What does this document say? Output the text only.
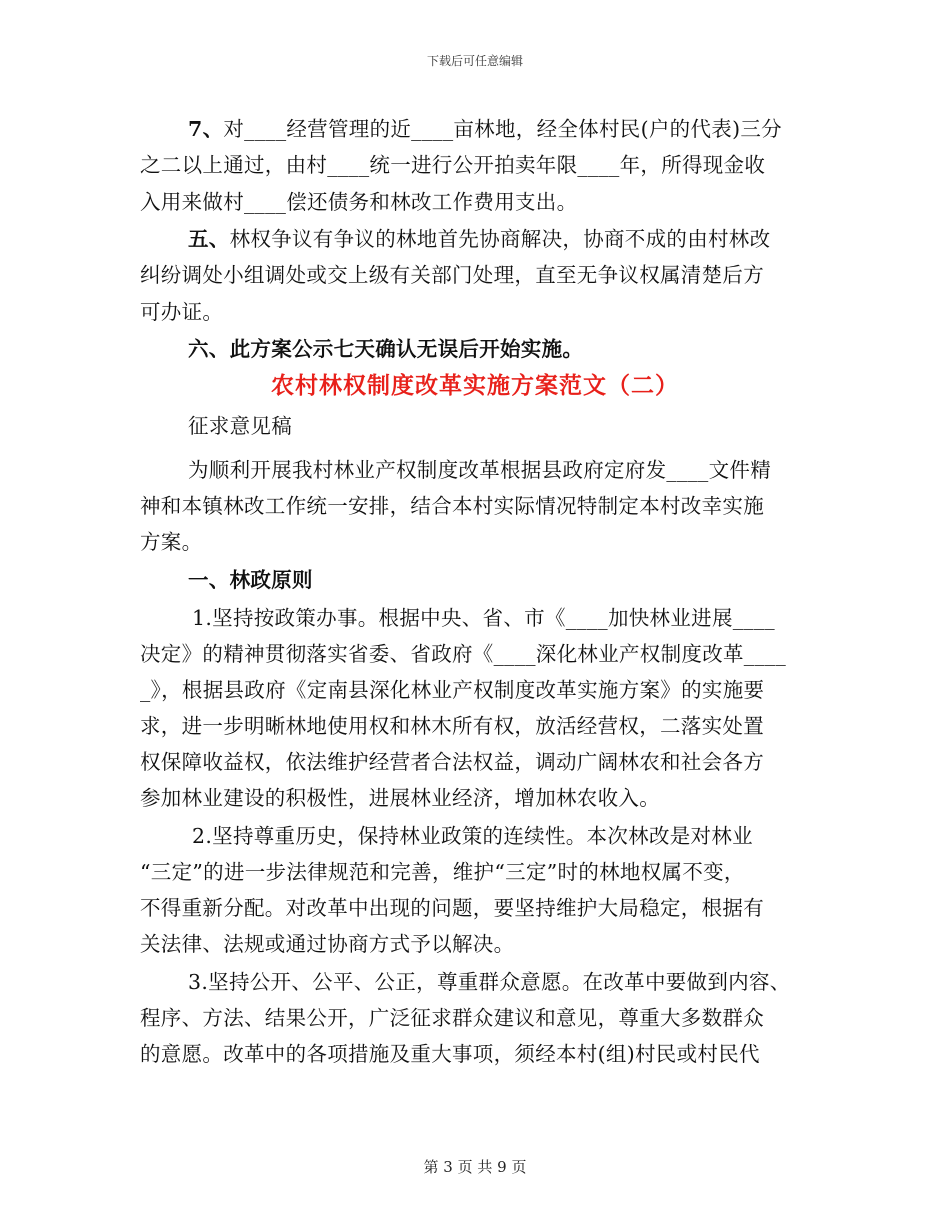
下载后可任意编辑
7、对____经营管理的近____亩林地，经全体村民(户的代表)三分
之二以上通过，由村____统一进行公开拍卖年限____年，所得现金收
入用来做村____偿还债务和林改工作费用支出。
五、林权争议有争议的林地首先协商解决，协商不成的由村林改
纠纷调处小组调处或交上级有关部门处理，直至无争议权属清楚后方
可办证。
六、此方案公示七天确认无误后开始实施。
农村林权制度改革实施方案范文（二）
征求意见稿
为顺利开展我村林业产权制度改革根据县政府定府发____文件精
神和本镇林改工作统一安排，结合本村实际情况特制定本村改幸实施
方案。
一、林政原则
1.坚持按政策办事。根据中央、省、市《____加快林业进展____
决定》的精神贯彻落实省委、省政府《____深化林业产权制度改革____
_》，根据县政府《定南县深化林业产权制度改革实施方案》的实施要
求，进一步明晰林地使用权和林木所有权，放活经营权，二落实处置
权保障收益权，依法维护经营者合法权益，调动广阔林农和社会各方
参加林业建设的积极性，进展林业经济，增加林农收入。
2.坚持尊重历史，保持林业政策的连续性。本次林改是对林业
“三定”的进一步法律规范和完善，维护“三定”时的林地权属不变，
不得重新分配。对改革中出现的问题，要坚持维护大局稳定，根据有
关法律、法规或通过协商方式予以解决。
3.坚持公开、公平、公正，尊重群众意愿。在改革中要做到内容、
程序、方法、结果公开，广泛征求群众建议和意见，尊重大多数群众
的意愿。改革中的各项措施及重大事项，须经本村(组)村民或村民代
第 3 页 共 9 页
